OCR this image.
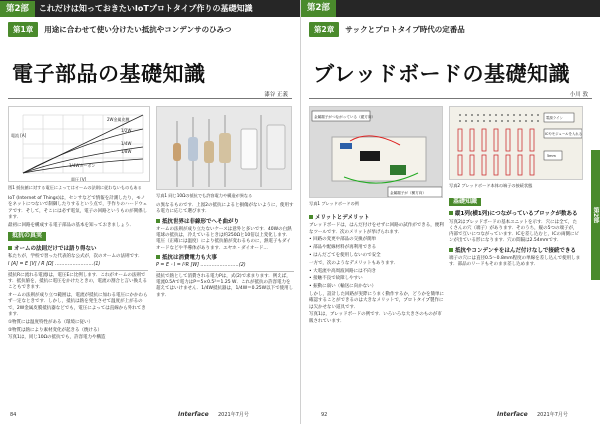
第2部 これだけは知っておきたいIoTプロトタイプ作りの基礎知識
第1章	用途に合わせて使い分けたい抵抗やコンデンサのひみつ
電子部品の基礎知識
漆谷 正義
2W金属皮膜
1/2W
1/4W
1/8W
1/4Wカーボン
電圧 [V]
電流 [A]
図1 抵抗値に対する電圧によってはオームの法則に従わないものもある
写真1 同じ10Ωの抵抗でも許容電力や構造が異なる

IoT (Internet of Things)は，センサなどで情報を計測したり，モノをネットにつないで制御したりするという点で，手作りのハードウェアです．そして，そこには必ず電気，電子の回路というものが関係します．

最初に回路を構成する電子部品の基本を知っておきましょう．

抵抗の真実
オームの法則だけでは語り得ない

私たちが，学校で習った代表的な公式が，次のオームの法則です．

I [A] = E [V] / R [Ω] ……………………(1)

抵抗Rに流れる電流Iは，電圧Eに比例します．これがオームの法則です．抵抗値を，抵抗に電圧をかけたときの，電流の割合と言い換えることもできます．

オームの法則が成り立つ範囲は，電流が抵抗に加わる電圧にかかわらず一定なときです．しかし，抵抗は熱を発生させて温度が上がるので，2W金属皮膜抵抗器などでも，電圧によっては直線から外れてきます．

①物質には温度特性がある（環境に従い）

②物質は熱により素材変化が起きる（焼ける）

写真1は，同じ10Ωの抵抗でも，許容電力や構造

の異なるものです．上図2の抵抗によると損傷がないように，使用する電力に応じて選びます．

抵抗世界は非線形でへそ曲がり

オームの法則が成り立たないケースは意外と多いです．40Wの白熱電球の抵抗は，冷えているときは約250Ωと10倍以上変化します．電圧（正確には温度）により抵抗値が変わるものに，熱電子もダイオードなどや半導体があります．エヤホ・ダイオード…

抵抗は消費電力も大事
P = E・I = I²R [W] ……………………(2)

抵抗で熱として消費される電力Pは，式(2)で求まります．例えば，電流0.5Aで電力はP＝5×0.5²＝1.25 W．これが抵抗の許容電力を超えてはいけません．1/4W抵抗器は，1/4W＝0.25W以下で使用します．

84	Interface 2021年7月号
第2部
第2章	サックとプロトタイプ時代の定番品
ブレッドボードの基礎知識
小川 敦
金属端子がつながっている（縦方向）
金属端子が（横方向）
写真1 ブレッドボードの例
ICやモジュールを入れる
電源ライン
5mm
写真2 ブレッドボード本体の端子の接続状態
メリットとデメリット

ブレッドボードは，はんだ付けをせずに回路の試作ができる，便利なツールです．次のメリットが挙げられます．

• 回路の変更や部品の交換が簡単

• 部品や配線材料が再利用できる

• はんだごてを使用しないので安全

一方で，次のようなデメリットもあります．

• 大電流や高周波回路には不向き

• 接触不良で故障しやすい

• 振動に弱い（輸送に向かない）

しかし，設計した回路が実際にうまく動作するか，どうかを簡単に確認することができるのは大きなメリットで，プロトタイプ製作には欠かせない道具です．

写真1は，ブレッドボードの例です．いろいろな大きさのものが市販されています．

基礎知識
縦1列(横1列)につながっているブロックが数ある

写真2はブレッドボードの基本ユニットを示す．穴には全て，たくさんの穴（端子）があります．そのうち，縦の5つの端子が，内部で互いにつながっています．ICを差し込むと，ICの両側にピンが出ている形になります．穴の間隔は2.54mmです．

抵抗やコンデンサをはんだ付けなしで接続できる

端子の穴には直径0.5～0.8mm程度の単線を差し込んで使用します．部品のリードもそのまま差し込めます．

第2部
92	Interface 2021年7月号
